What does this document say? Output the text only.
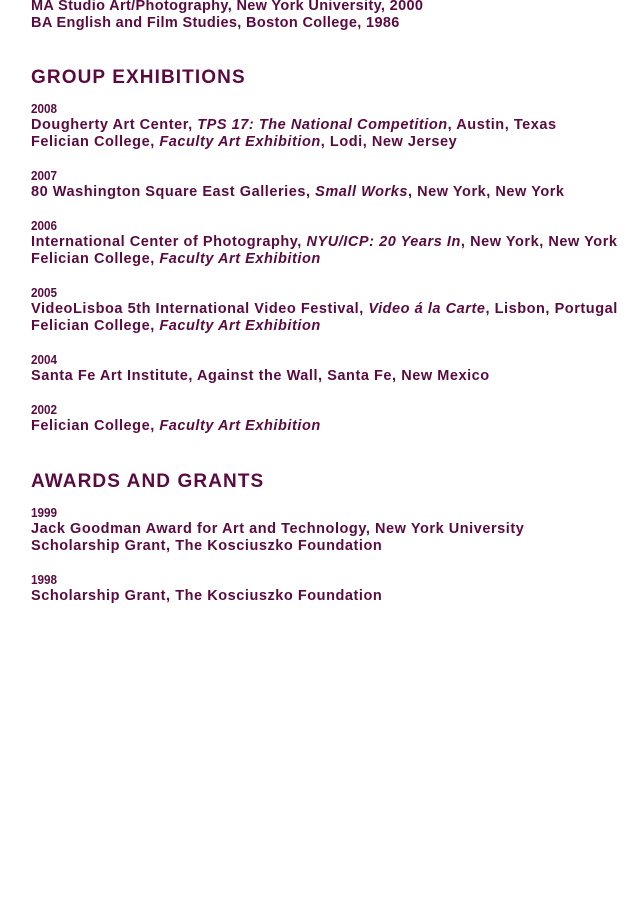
MA Studio Art/Photography, New York University, 2000
BA English and Film Studies, Boston College, 1986
GROUP EXHIBITIONS
2008
Dougherty Art Center, TPS 17: The National Competition, Austin, Texas
Felician College, Faculty Art Exhibition, Lodi, New Jersey
2007
80 Washington Square East Galleries, Small Works, New York, New York
2006
International Center of Photography, NYU/ICP: 20 Years In, New York, New York
Felician College, Faculty Art Exhibition
2005
VideoLisboa 5th International Video Festival, Video á la Carte, Lisbon, Portugal
Felician College, Faculty Art Exhibition
2004
Santa Fe Art Institute, Against the Wall, Santa Fe, New Mexico
2002
Felician College, Faculty Art Exhibition
AWARDS AND GRANTS
1999
Jack Goodman Award for Art and Technology, New York University
Scholarship Grant, The Kosciuszko Foundation
1998
Scholarship Grant, The Kosciuszko Foundation
